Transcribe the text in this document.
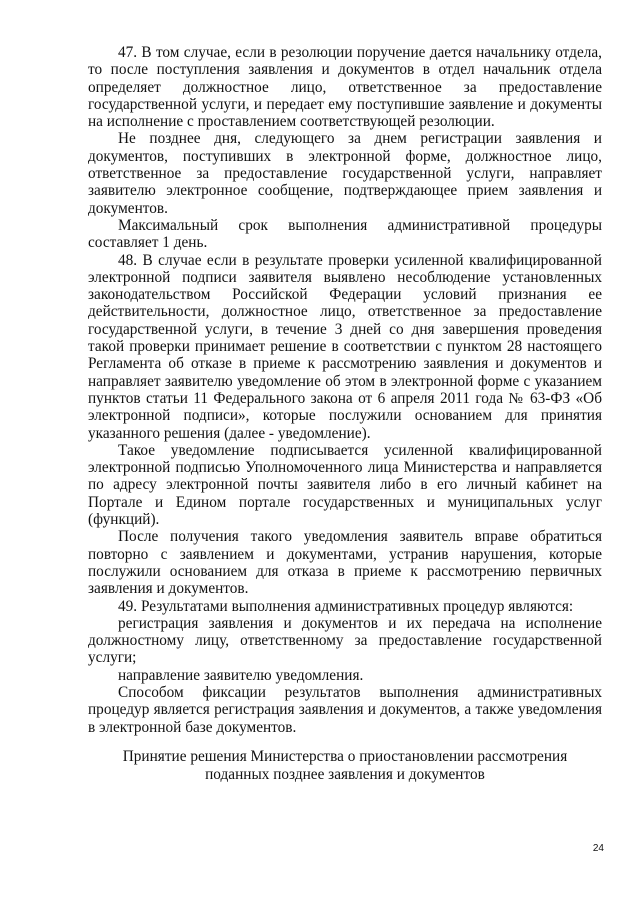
47. В том случае, если в резолюции поручение дается начальнику отдела, то после поступления заявления и документов в отдел начальник отдела определяет должностное лицо, ответственное за предоставление государственной услуги, и передает ему поступившие заявление и документы на исполнение с проставлением соответствующей резолюции.

Не позднее дня, следующего за днем регистрации заявления и документов, поступивших в электронной форме, должностное лицо, ответственное за предоставление государственной услуги, направляет заявителю электронное сообщение, подтверждающее прием заявления и документов.

Максимальный срок выполнения административной процедуры составляет 1 день.

48. В случае если в результате проверки усиленной квалифицированной электронной подписи заявителя выявлено несоблюдение установленных законодательством Российской Федерации условий признания ее действительности, должностное лицо, ответственное за предоставление государственной услуги, в течение 3 дней со дня завершения проведения такой проверки принимает решение в соответствии с пунктом 28 настоящего Регламента об отказе в приеме к рассмотрению заявления и документов и направляет заявителю уведомление об этом в электронной форме с указанием пунктов статьи 11 Федерального закона от 6 апреля 2011 года № 63-ФЗ «Об электронной подписи», которые послужили основанием для принятия указанного решения (далее - уведомление).

Такое уведомление подписывается усиленной квалифицированной электронной подписью Уполномоченного лица Министерства и направляется по адресу электронной почты заявителя либо в его личный кабинет на Портале и Едином портале государственных и муниципальных услуг (функций).

После получения такого уведомления заявитель вправе обратиться повторно с заявлением и документами, устранив нарушения, которые послужили основанием для отказа в приеме к рассмотрению первичных заявления и документов.

49. Результатами выполнения административных процедур являются:

регистрация заявления и документов и их передача на исполнение должностному лицу, ответственному за предоставление государственной услуги;

направление заявителю уведомления.

Способом фиксации результатов выполнения административных процедур является регистрация заявления и документов, а также уведомления в электронной базе документов.

Принятие решения Министерства о приостановлении рассмотрения
поданных позднее заявления и документов
24
